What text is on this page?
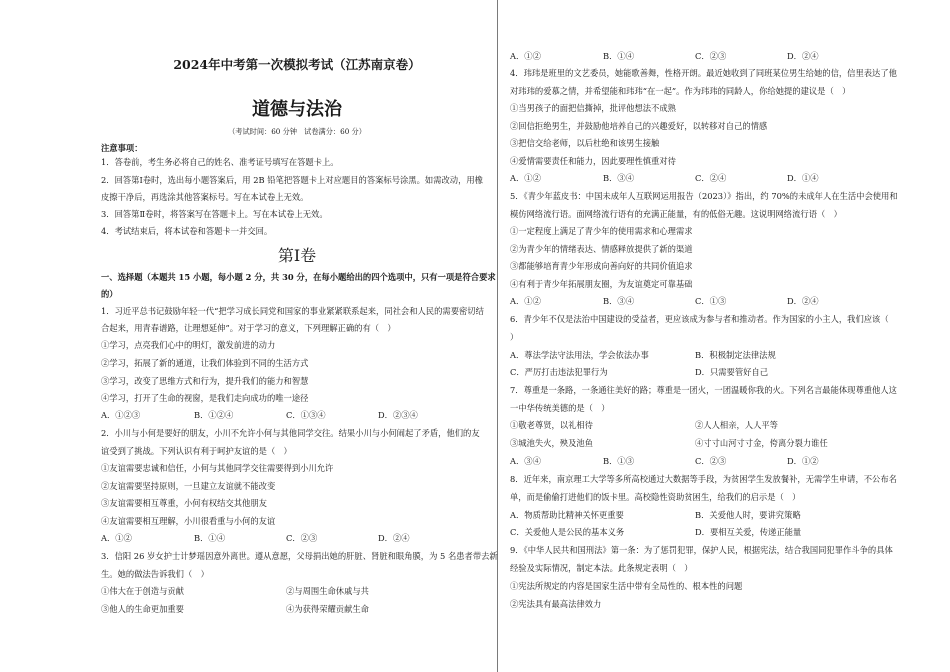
2024年中考第一次模拟考试（江苏南京卷）
道德与法治
（考试时间：60 分钟　试卷满分：60 分）
注意事项：
1．答卷前，考生务必将自己的姓名、准考证号填写在答题卡上。
2．回答第Ⅰ卷时，选出每小题答案后，用 2B 铅笔把答题卡上对应题目的答案标号涂黑。如需改动，用橡
皮擦干净后，再选涂其他答案标号。写在本试卷上无效。
3．回答第Ⅱ卷时，将答案写在答题卡上。写在本试卷上无效。
4．考试结束后，将本试卷和答题卡一并交回。
第Ⅰ卷
一、选择题（本题共 15 小题，每小题 2 分，共 30 分，在每小题给出的四个选项中，只有一项是符合要求
的）
1．习近平总书记鼓励年轻一代“把学习成长同党和国家的事业紧紧联系起来，同社会和人民的需要密切结
合起来，用青春谱路，让理想延伸”。对于学习的意义，下列理解正确的有（　）
①学习，点亮我们心中的明灯，激发前进的动力
②学习，拓展了新的通道，让我们体验到不同的生活方式
③学习，改变了思维方式和行为，提升我们的能力和智慧
④学习，打开了生命的视窗，是我们走向成功的唯一途径
A．①②③	B．①②④	C．①③④	D．②③④
2．小川与小何是要好的朋友，小川不允许小何与其他同学交往。结果小川与小何闹起了矛盾，他们的友
谊受到了挑战。下列认识有利于呵护友谊的是（　）
①友谊需要忠诚和信任，小何与其他同学交往需要得到小川允许
②友谊需要坚持原则，一旦建立友谊就不能改变
③友谊需要相互尊重，小何有权结交其他朋友
④友谊需要相互理解，小川很看重与小何的友谊
A．①②	B．①④	C．②③	D．②④
3．信阳 26 岁女护士计梦瑶因意外离世。遵从意愿，父母捐出她的肝脏、肾脏和眼角膜，为 5 名患者带去新
生。她的做法告诉我们（　）
①伟大在于创造与贡献	②与周围生命休戚与共
③他人的生命更加重要	④为获得荣耀贡献生命
A．①②	B．①④	C．②③	D．②④
4．玮玮是班里的文艺委员，她能歌善舞，性格开朗。最近她收到了同班某位男生给她的信，信里表达了他
对玮玮的爱慕之情，并希望能和玮玮“在一起”。作为玮玮的同龄人，你给她提的建议是（　）
①当男孩子的面把信撕掉，批评他想法不成熟
②回信拒绝男生，并鼓励他培养自己的兴趣爱好，以转移对自己的情感
③把信交给老师，以后杜绝和该男生接触
④爱情需要责任和能力，因此要理性慎重对待
A．①②	B．③④	C．②④	D．①④
5．《青少年蓝皮书：中国未成年人互联网运用报告（2023）》指出，约 70%的未成年人在生活中会使用和
模仿网络流行语。面网络流行语有的充满正能量，有的低俗无趣。这说明网络流行语（　）
①一定程度上满足了青少年的使用需求和心理需求
②为青少年的情绪表达、情感释放提供了新的渠道
③都能够培育青少年形成向善向好的共同价值追求
④有利于青少年拓展朋友圈，为友谊奠定可靠基础
A．①②	B．③④	C．①③	D．②④
6．青少年不仅是法治中国建设的受益者，更应该成为参与者和推动者。作为国家的小主人，我们应该（
）
A．尊法学法守法用法，学会依法办事	B．积极制定法律法规
C．严厉打击违法犯罪行为	D．只需要管好自己
7．尊重是一条路，一条通往美好的路；尊重是一团火，一团温暖你我的火。下列名言最能体现尊重他人这
一中华传统美德的是（　）
①敬老尊贤，以礼相待	②人人相亲，人人平等
③城池失火，殃及池鱼	④寸寸山河寸寸金，侉离分裂力谁任
A．③④	B．①③	C．②③	D．①②
8．近年来，南京理工大学等多所高校通过大数据等手段，为贫困学生发放餐补，无需学生申请，不公布名
单，而是偷偷打进他们的饭卡里。高校隐性资助贫困生，给我们的启示是（　）
A．物质帮助比精神关怀更重要	B．关爱他人时，要讲究策略
C．关爱他人是公民的基本义务	D．要相互关爱，传递正能量
9．《中华人民共和国刑法》第一条：为了惩罚犯罪，保护人民，根据宪法，结合我国同犯罪作斗争的具体
经验及实际情况，制定本法。此条规定表明（　）
①宪法所规定的内容是国家生活中带有全局性的、根本性的问题
②宪法具有最高法律效力
